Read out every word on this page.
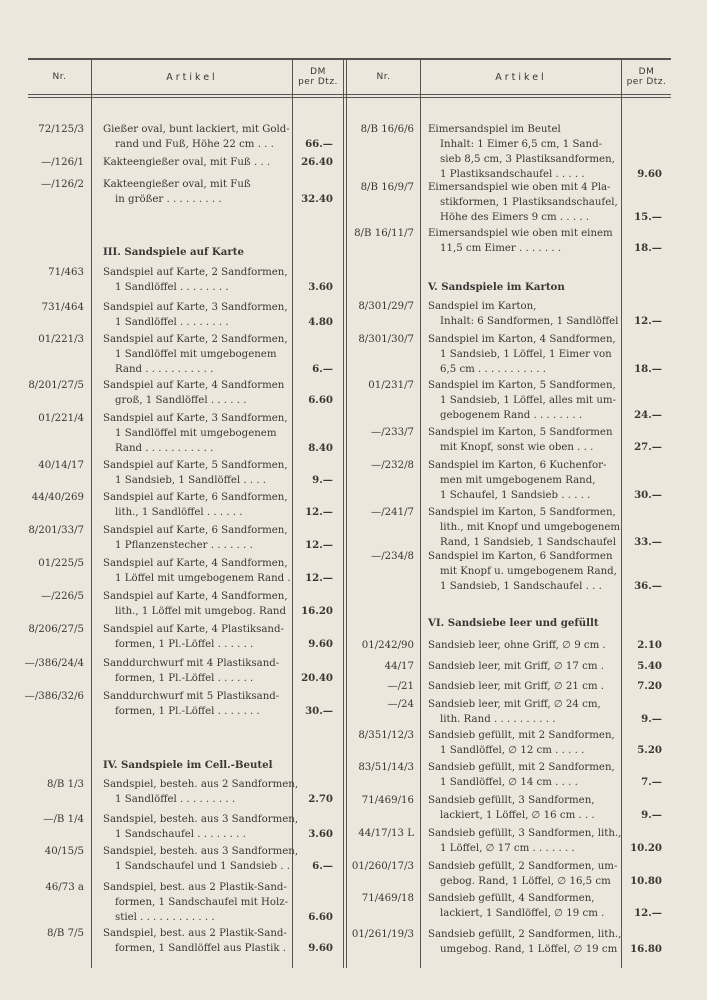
Nr.	Artikel	DM
per Dtz.	Nr.	Artikel	DM
per Dtz.
72/125/3 Gießer oval, bunt lackiert, mit Gold-
rand und Fuß, Höhe 22 cm . . .	66.—
—/126/1 Kakteengießer oval, mit Fuß . . .	26.40
—/126/2 Kakteengießer oval, mit Fuß
in größer . . . . . . . . .	32.40
III. Sandspiele auf Karte
71/463 Sandspiel auf Karte, 2 Sandformen,
1 Sandlöffel . . . . . . . .	3.60
731/464 Sandspiel auf Karte, 3 Sandformen,
1 Sandlöffel . . . . . . . .	4.80
01/221/3 Sandspiel auf Karte, 2 Sandformen,
1 Sandlöffel mit umgebogenem
Rand . . . . . . . . . . .	6.—
8/201/27/5 Sandspiel auf Karte, 4 Sandformen
groß, 1 Sandlöffel . . . . . .	6.60
01/221/4 Sandspiel auf Karte, 3 Sandformen,
1 Sandlöffel mit umgebogenem
Rand . . . . . . . . . . .	8.40
40/14/17 Sandspiel auf Karte, 5 Sandformen,
1 Sandsieb, 1 Sandlöffel . . . .	9.—
44/40/269 Sandspiel auf Karte, 6 Sandformen,
lith., 1 Sandlöffel . . . . . .	12.—
8/201/33/7 Sandspiel auf Karte, 6 Sandformen,
1 Pflanzenstecher . . . . . . .	12.—
01/225/5 Sandspiel auf Karte, 4 Sandformen,
1 Löffel mit umgebogenem Rand .	12.—
—/226/5 Sandspiel auf Karte, 4 Sandformen,
lith., 1 Löffel mit umgebog. Rand	16.20
8/206/27/5 Sandspiel auf Karte, 4 Plastiksand-
formen, 1 Pl.-Löffel . . . . . .	9.60
—/386/24/4 Sanddurchwurf mit 4 Plastiksand-
formen, 1 Pl.-Löffel . . . . . .	20.40
—/386/32/6 Sanddurchwurf mit 5 Plastiksand-
formen, 1 Pl.-Löffel . . . . . . .	30.—
IV. Sandspiele im Cell.-Beutel
8/B 1/3 Sandspiel, besteh. aus 2 Sandformen,
1 Sandlöffel . . . . . . . . .	2.70
—/B 1/4 Sandspiel, besteh. aus 3 Sandformen,
1 Sandschaufel . . . . . . . .	3.60
40/15/5 Sandspiel, besteh. aus 3 Sandformen,
1 Sandschaufel und 1 Sandsieb . .	6.—
46/73 a Sandspiel, best. aus 2 Plastik-Sand-
formen, 1 Sandschaufel mit Holz-
stiel . . . . . . . . . . . .	6.60
8/B 7/5 Sandspiel, best. aus 2 Plastik-Sand-
formen, 1 Sandlöffel aus Plastik .	9.60
8/B 16/6/6 Eimersandspiel im Beutel
Inhalt: 1 Eimer 6,5 cm, 1 Sand-
sieb 8,5 cm, 3 Plastiksandformen,
1 Plastiksandschaufel . . . . .	9.60
8/B 16/9/7 Eimersandspiel wie oben mit 4 Pla-
stikformen, 1 Plastiksandschaufel,
Höhe des Eimers 9 cm . . . . .	15.—
8/B 16/11/7 Eimersandspiel wie oben mit einem
11,5 cm Eimer . . . . . . .	18.—
V. Sandspiele im Karton
8/301/29/7 Sandspiel im Karton,
Inhalt: 6 Sandformen, 1 Sandlöffel	12.—
8/301/30/7 Sandspiel im Karton, 4 Sandformen,
1 Sandsieb, 1 Löffel, 1 Eimer von
6,5 cm . . . . . . . . . . .	18.—
01/231/7 Sandspiel im Karton, 5 Sandformen,
1 Sandsieb, 1 Löffel, alles mit um-
gebogenem Rand . . . . . . . .	24.—
—/233/7 Sandspiel im Karton, 5 Sandformen
mit Knopf, sonst wie oben . . .	27.—
—/232/8 Sandspiel im Karton, 6 Kuchenfor-
men mit umgebogenem Rand,
1 Schaufel, 1 Sandsieb . . . . .	30.—
—/241/7 Sandspiel im Karton, 5 Sandformen,
lith., mit Knopf und umgebogenem
Rand, 1 Sandsieb, 1 Sandschaufel	33.—
—/234/8 Sandspiel im Karton, 6 Sandformen
mit Knopf u. umgebogenem Rand,
1 Sandsieb, 1 Sandschaufel . . .	36.—
VI. Sandsiebe leer und gefüllt
01/242/90 Sandsieb leer, ohne Griff, ∅ 9 cm .	2.10
44/17 Sandsieb leer, mit Griff, ∅ 17 cm .	5.40
—/21 Sandsieb leer, mit Griff, ∅ 21 cm .	7.20
—/24 Sandsieb leer, mit Griff, ∅ 24 cm,
lith. Rand . . . . . . . . . .	9.—
8/351/12/3 Sandsieb gefüllt, mit 2 Sandformen,
1 Sandlöffel, ∅ 12 cm . . . . .	5.20
83/51/14/3 Sandsieb gefüllt, mit 2 Sandformen,
1 Sandlöffel, ∅ 14 cm . . . .	7.—
71/469/16 Sandsieb gefüllt, 3 Sandformen,
lackiert, 1 Löffel, ∅ 16 cm . . .	9.—
44/17/13 L Sandsieb gefüllt, 3 Sandformen, lith.,
1 Löffel, ∅ 17 cm . . . . . . .	10.20
01/260/17/3 Sandsieb gefüllt, 2 Sandformen, um-
gebog. Rand, 1 Löffel, ∅ 16,5 cm	10.80
71/469/18 Sandsieb gefüllt, 4 Sandformen,
lackiert, 1 Sandlöffel, ∅ 19 cm .	12.—
01/261/19/3 Sandsieb gefüllt, 2 Sandformen, lith.,
umgebog. Rand, 1 Löffel, ∅ 19 cm	16.80
